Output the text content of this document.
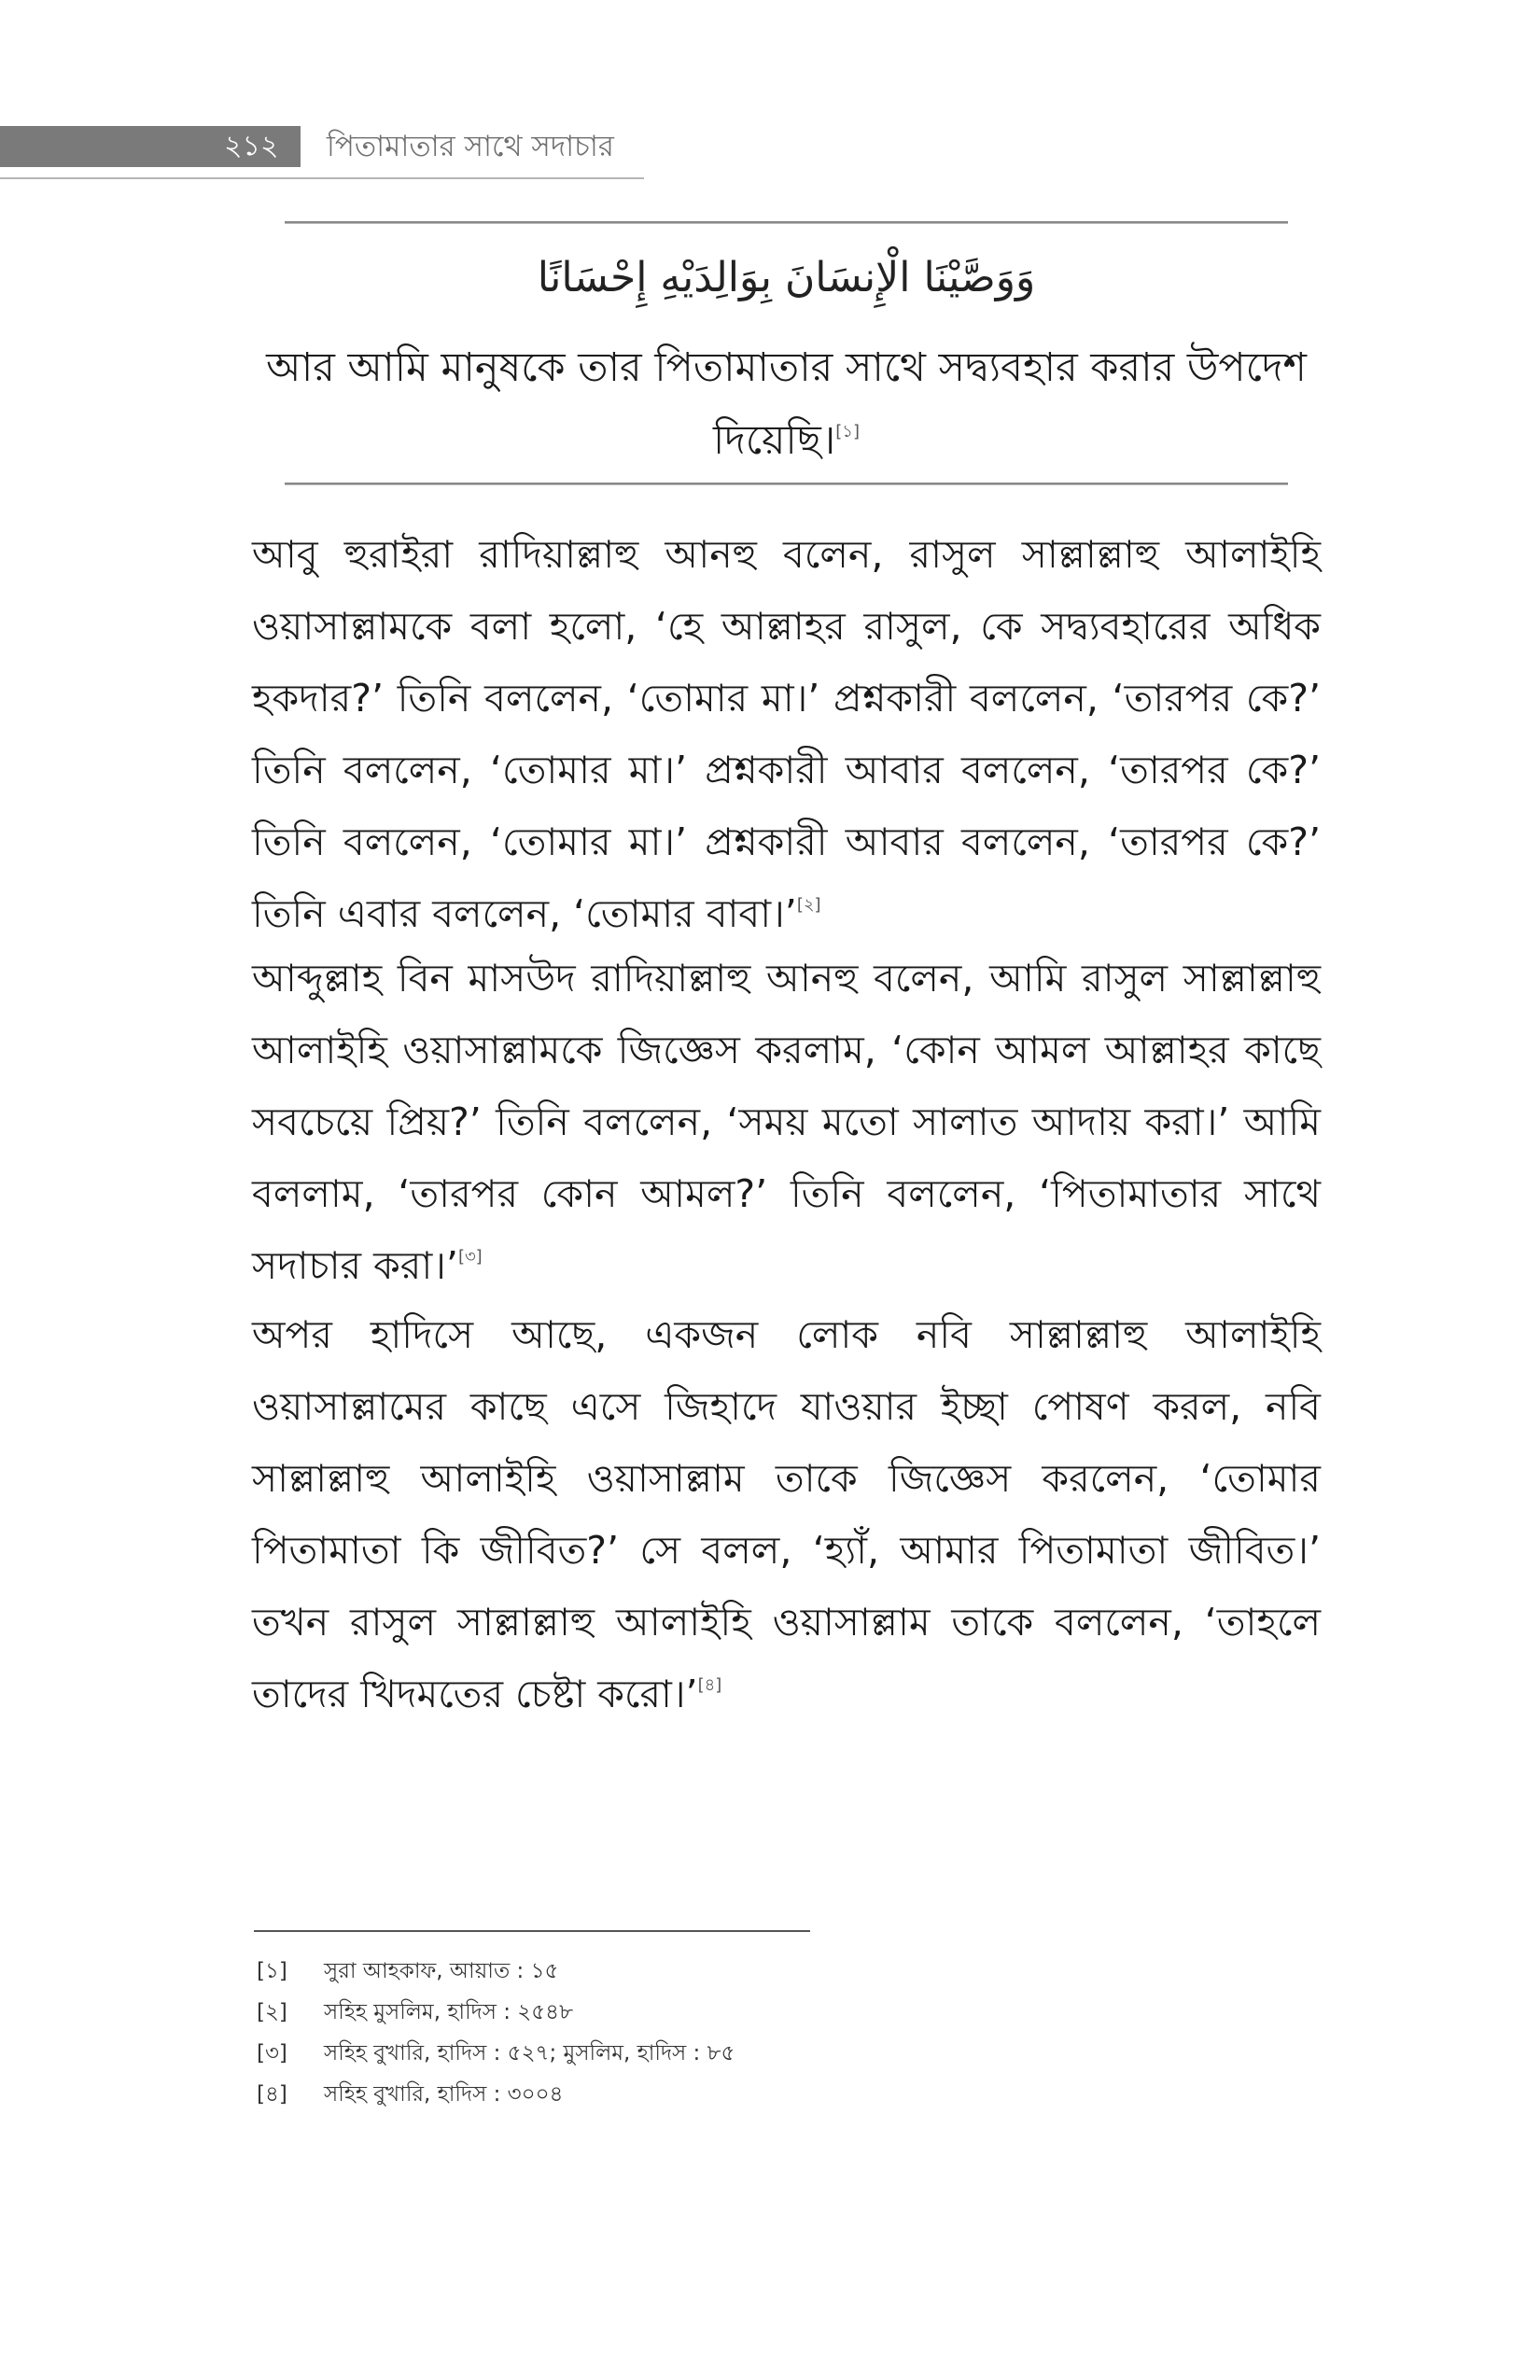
২১২	পিতামাতার সাথে সদাচার
وَوَصَّيْنَا الْإِنسَانَ بِوَالِدَيْهِ إِحْسَانًا
আর আমি মানুষকে তার পিতামাতার সাথে সদ্ব্যবহার করার উপদেশ দিয়েছি।[১]

আবু হুরাইরা রাদিয়াল্লাহু আনহু বলেন, রাসুল সাল্লাল্লাহু আলাইহি ওয়াসাল্লামকে বলা হলো, ‘হে আল্লাহর রাসুল, কে সদ্ব্যবহারের অধিক হকদার?’ তিনি বললেন, ‘তোমার মা।’ প্রশ্নকারী বললেন, ‘তারপর কে?’ তিনি বললেন, ‘তোমার মা।’ প্রশ্নকারী আবার বললেন, ‘তারপর কে?’ তিনি বললেন, ‘তোমার মা।’ প্রশ্নকারী আবার বললেন, ‘তারপর কে?’ তিনি এবার বললেন, ‘তোমার বাবা।’[২]

আব্দুল্লাহ বিন মাসউদ রাদিয়াল্লাহু আনহু বলেন, আমি রাসুল সাল্লাল্লাহু আলাইহি ওয়াসাল্লামকে জিজ্ঞেস করলাম, ‘কোন আমল আল্লাহর কাছে সবচেয়ে প্রিয়?’ তিনি বললেন, ‘সময় মতো সালাত আদায় করা।’ আমি বললাম, ‘তারপর কোন আমল?’ তিনি বললেন, ‘পিতামাতার সাথে সদাচার করা।’[৩]

অপর হাদিসে আছে, একজন লোক নবি সাল্লাল্লাহু আলাইহি ওয়াসাল্লামের কাছে এসে জিহাদে যাওয়ার ইচ্ছা পোষণ করল, নবি সাল্লাল্লাহু আলাইহি ওয়াসাল্লাম তাকে জিজ্ঞেস করলেন, ‘তোমার পিতামাতা কি জীবিত?’ সে বলল, ‘হ্যাঁ, আমার পিতামাতা জীবিত।’ তখন রাসুল সাল্লাল্লাহু আলাইহি ওয়াসাল্লাম তাকে বললেন, ‘তাহলে তাদের খিদমতের চেষ্টা করো।’[৪]

[১] সুরা আহকাফ, আয়াত : ১৫
[২] সহিহ মুসলিম, হাদিস : ২৫৪৮
[৩] সহিহ বুখারি, হাদিস : ৫২৭; মুসলিম, হাদিস : ৮৫
[৪] সহিহ বুখারি, হাদিস : ৩০০৪
